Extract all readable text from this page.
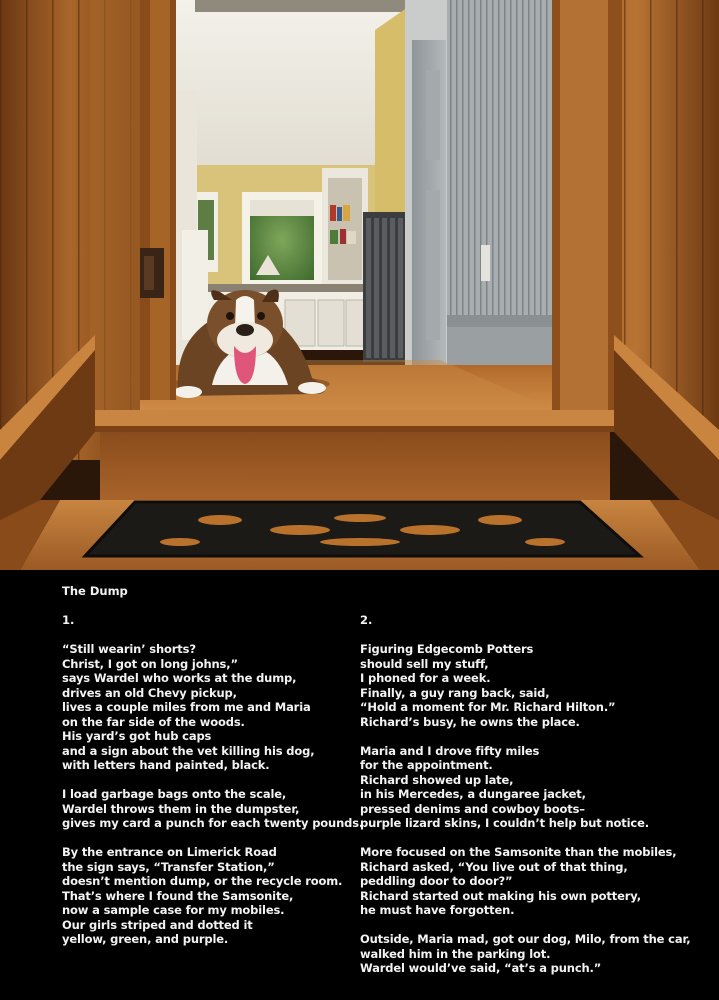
The Dump
1.
“Still wearin’ shorts?
Christ, I got on long johns,”
says Wardel who works at the dump,
drives an old Chevy pickup,
lives a couple miles from me and Maria
on the far side of the woods.
His yard’s got hub caps
and a sign about the vet killing his dog,
with letters hand painted, black.
I load garbage bags onto the scale,
Wardel throws them in the dumpster,
gives my card a punch for each twenty pounds.
By the entrance on Limerick Road
the sign says, “Transfer Station,”
doesn’t mention dump, or the recycle room.
That’s where I found the Samsonite,
now a sample case for my mobiles.
Our girls striped and dotted it
yellow, green, and purple.
2.
Figuring Edgecomb Potters
should sell my stuff,
I phoned for a week.
Finally, a guy rang back, said,
“Hold a moment for Mr. Richard Hilton.”
Richard’s busy, he owns the place.
Maria and I drove fifty miles
for the appointment.
Richard showed up late,
in his Mercedes, a dungaree jacket,
pressed denims and cowboy boots–
purple lizard skins, I couldn’t help but notice.
More focused on the Samsonite than the mobiles,
Richard asked, “You live out of that thing,
peddling door to door?”
Richard started out making his own pottery,
he must have forgotten.
Outside, Maria mad, got our dog, Milo, from the car,
walked him in the parking lot.
Wardel would’ve said, “at’s a punch.”
